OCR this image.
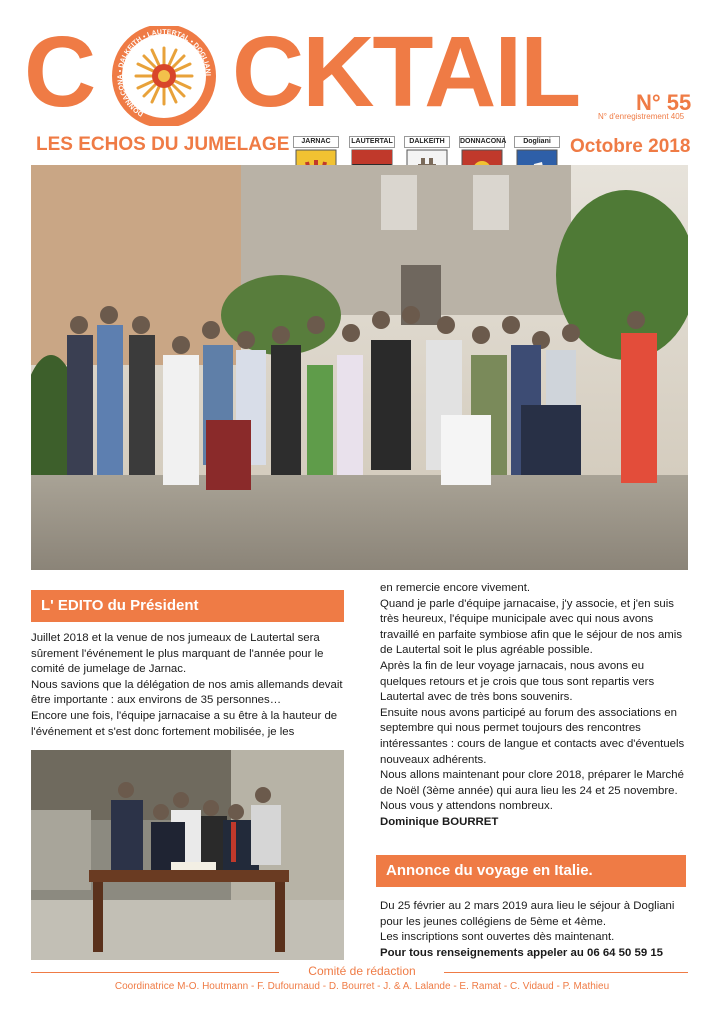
C	DONNACONA • DALKEITH • LAUTERTAL • DOGLIANI CKTAIL	N° 55
N° d'enregistrement 405
LES ECHOS DU JUMELAGE	Octobre 2018
JARNAC	LAUTERTAL	DALKEITH	DONNACONA	Dogliani
L' EDITO du Président

Juillet 2018 et la venue de nos jumeaux de Lautertal sera sûrement l'événement le plus marquant de l'année pour le comité de jumelage de Jarnac.

Nous savions que la délégation de nos amis allemands devait être importante : aux environs de 35 personnes…

Encore une fois, l'équipe jarnacaise a su être à la hauteur de l'événement et s'est donc fortement mobilisée, je les

en remercie encore vivement.

Quand je parle d'équipe jarnacaise, j'y associe, et j'en suis très heureux, l'équipe municipale avec qui nous avons travaillé en parfaite symbiose afin que le séjour de nos amis de Lautertal soit le plus agréable possible.

Après la fin de leur voyage jarnacais, nous avons eu quelques retours et je crois que tous sont repartis vers Lautertal avec de très bons souvenirs.

Ensuite nous avons participé au forum des associations en septembre qui nous permet toujours des rencontres intéressantes : cours de langue et contacts avec d'éventuels nouveaux adhérents.

Nous allons maintenant pour clore 2018, préparer le Marché de Noël (3ème année) qui aura lieu les 24 et 25 novembre.

Nous vous y attendons nombreux.

Dominique BOURRET

Annonce du voyage en Italie.

Du 25 février au 2 mars 2019 aura lieu le séjour à Dogliani pour les jeunes collégiens de 5ème et 4ème.

Les inscriptions sont ouvertes dès maintenant.

Pour tous renseignements appeler au 06 64 50 59 15

Comité de rédaction
Coordinatrice M-O. Houtmann - F. Dufournaud - D. Bourret - J. & A. Lalande - E. Ramat - C. Vidaud - P. Mathieu
